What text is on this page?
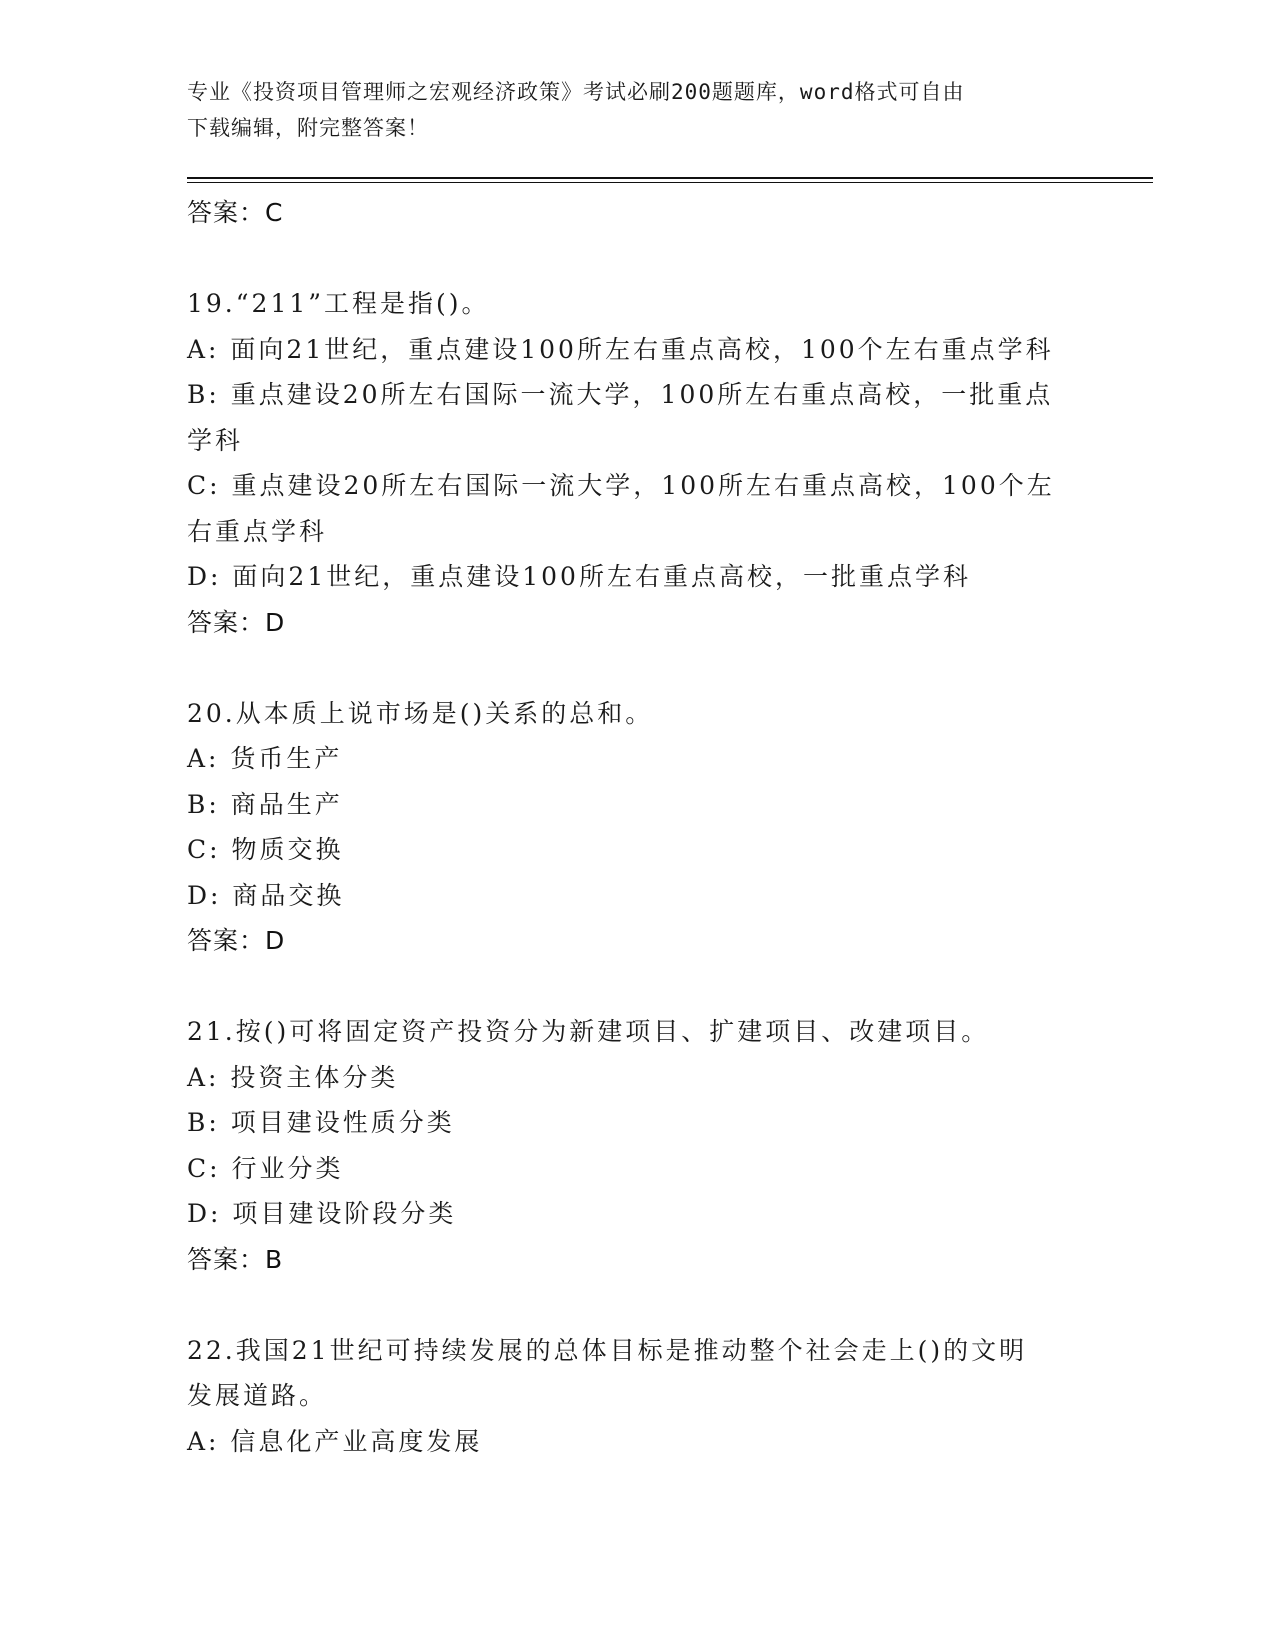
专业《投资项目管理师之宏观经济政策》考试必刷200题题库，word格式可自由
下载编辑，附完整答案！
答案：C
19.“211”工程是指()。
A: 面向21世纪，重点建设100所左右重点高校，100个左右重点学科
B: 重点建设20所左右国际一流大学，100所左右重点高校，一批重点
学科
C: 重点建设20所左右国际一流大学，100所左右重点高校，100个左
右重点学科
D: 面向21世纪，重点建设100所左右重点高校，一批重点学科
答案：D
20.从本质上说市场是()关系的总和。
A: 货币生产
B: 商品生产
C: 物质交换
D: 商品交换
答案：D
21.按()可将固定资产投资分为新建项目、扩建项目、改建项目。
A: 投资主体分类
B: 项目建设性质分类
C: 行业分类
D: 项目建设阶段分类
答案：B
22.我国21世纪可持续发展的总体目标是推动整个社会走上()的文明
发展道路。
A: 信息化产业高度发展
